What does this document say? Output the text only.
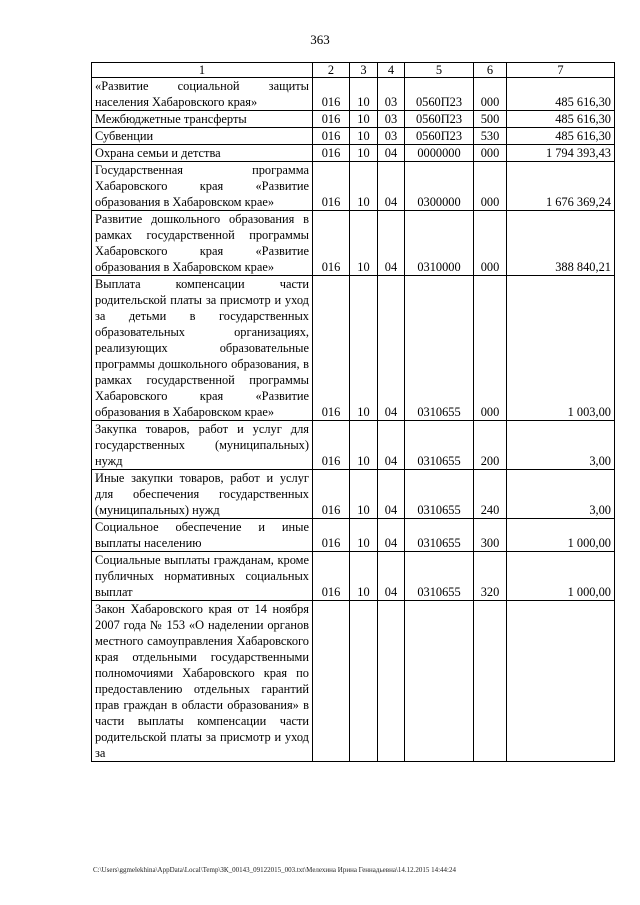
363
1	2	3	4	5	6	7
«Развитие социальной защиты населения Хабаровского края»	016	10	03	0560П23	000	485 616,30
Межбюджетные трансферты	016	10	03	0560П23	500	485 616,30
Субвенции	016	10	03	0560П23	530	485 616,30
Охрана семьи и детства	016	10	04	0000000	000	1 794 393,43
Государственная программа Хабаровского края «Развитие образования в Хабаровском крае»	016	10	04	0300000	000	1 676 369,24
Развитие дошкольного образования в рамках государственной программы Хабаровского края «Развитие образования в Хабаровском крае»	016	10	04	0310000	000	388 840,21
Выплата компенсации части родительской платы за присмотр и уход за детьми в государственных образовательных организациях, реализующих образовательные программы дошкольного образования, в рамках государственной программы Хабаровского края «Развитие образования в Хабаровском крае»	016	10	04	0310655	000	1 003,00
Закупка товаров, работ и услуг для государственных (муниципальных) нужд	016	10	04	0310655	200	3,00
Иные закупки товаров, работ и услуг для обеспечения государственных (муниципальных) нужд	016	10	04	0310655	240	3,00
Социальное обеспечение и иные выплаты населению	016	10	04	0310655	300	1 000,00
Социальные выплаты гражданам, кроме публичных нормативных социальных выплат	016	10	04	0310655	320	1 000,00
Закон Хабаровского края от 14 ноября 2007 года № 153 «О наделении органов местного самоуправления Хабаровского края отдельными государственными полномочиями Хабаровского края по предоставлению отдельных гарантий прав граждан в области образования» в части выплаты компенсации части родительской платы за присмотр и уход за						
C:\Users\ggmelekhina\AppData\Local\Temp\ЗК_00143_09122015_003.txt\Мелехина Ирина Геннадьевна\14.12.2015 14:44:24
